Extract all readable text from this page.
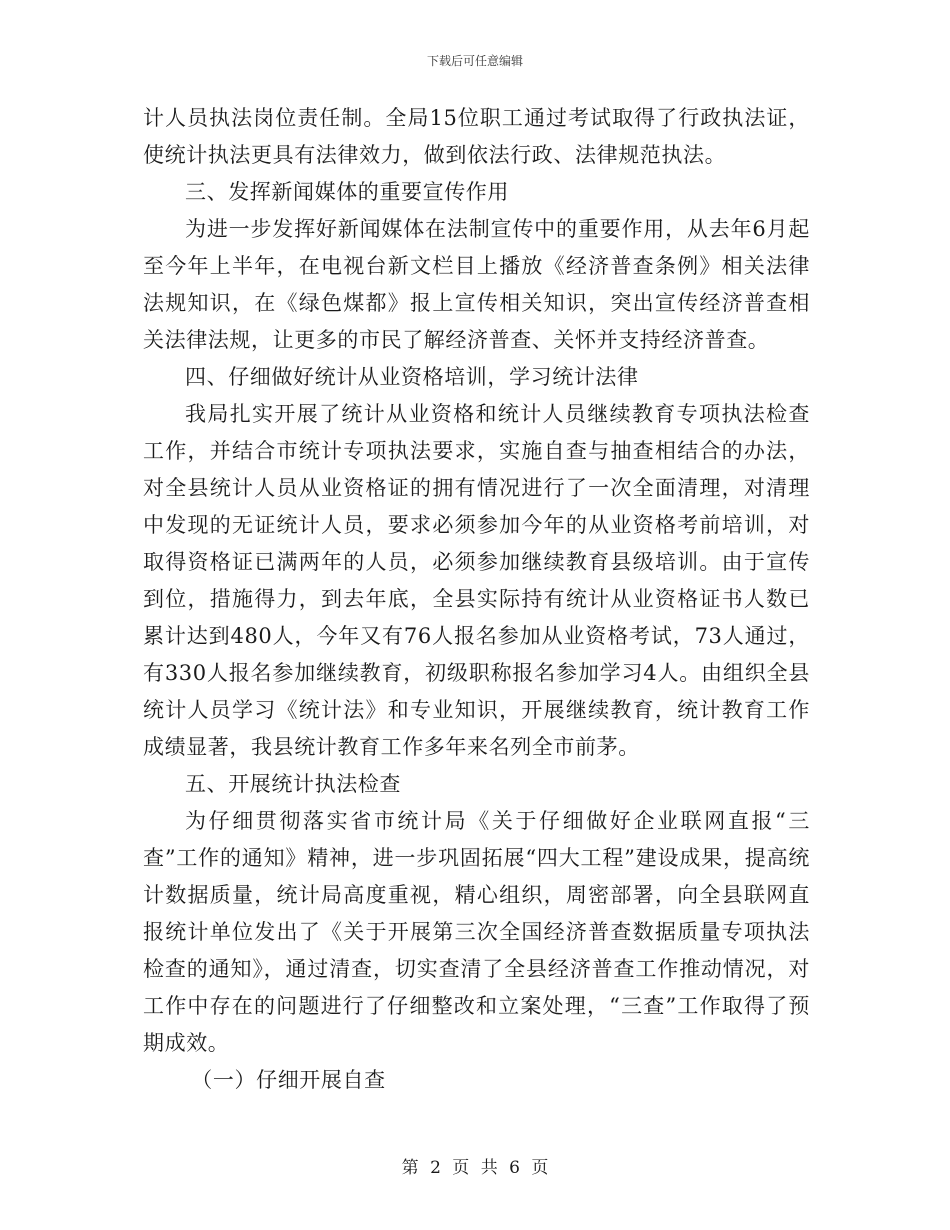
下载后可任意编辑

计人员执法岗位责任制。全局15位职工通过考试取得了行政执法证，使统计执法更具有法律效力，做到依法行政、法律规范执法。

三、发挥新闻媒体的重要宣传作用

为进一步发挥好新闻媒体在法制宣传中的重要作用，从去年6月起至今年上半年，在电视台新文栏目上播放《经济普查条例》相关法律法规知识，在《绿色煤都》报上宣传相关知识，突出宣传经济普查相关法律法规，让更多的市民了解经济普查、关怀并支持经济普查。

四、仔细做好统计从业资格培训，学习统计法律

我局扎实开展了统计从业资格和统计人员继续教育专项执法检查工作，并结合市统计专项执法要求，实施自查与抽查相结合的办法，对全县统计人员从业资格证的拥有情况进行了一次全面清理，对清理中发现的无证统计人员，要求必须参加今年的从业资格考前培训，对取得资格证已满两年的人员，必须参加继续教育县级培训。由于宣传到位，措施得力，到去年底，全县实际持有统计从业资格证书人数已累计达到480人，今年又有76人报名参加从业资格考试，73人通过，有330人报名参加继续教育，初级职称报名参加学习4人。由组织全县统计人员学习《统计法》和专业知识，开展继续教育，统计教育工作成绩显著，我县统计教育工作多年来名列全市前茅。

五、开展统计执法检查

为仔细贯彻落实省市统计局《关于仔细做好企业联网直报“三查”工作的通知》精神，进一步巩固拓展“四大工程”建设成果，提高统计数据质量，统计局高度重视，精心组织，周密部署，向全县联网直报统计单位发出了《关于开展第三次全国经济普查数据质量专项执法检查的通知》，通过清查，切实查清了全县经济普查工作推动情况，对工作中存在的问题进行了仔细整改和立案处理，“三查”工作取得了预期成效。

（一）仔细开展自查

第 2 页 共 6 页
